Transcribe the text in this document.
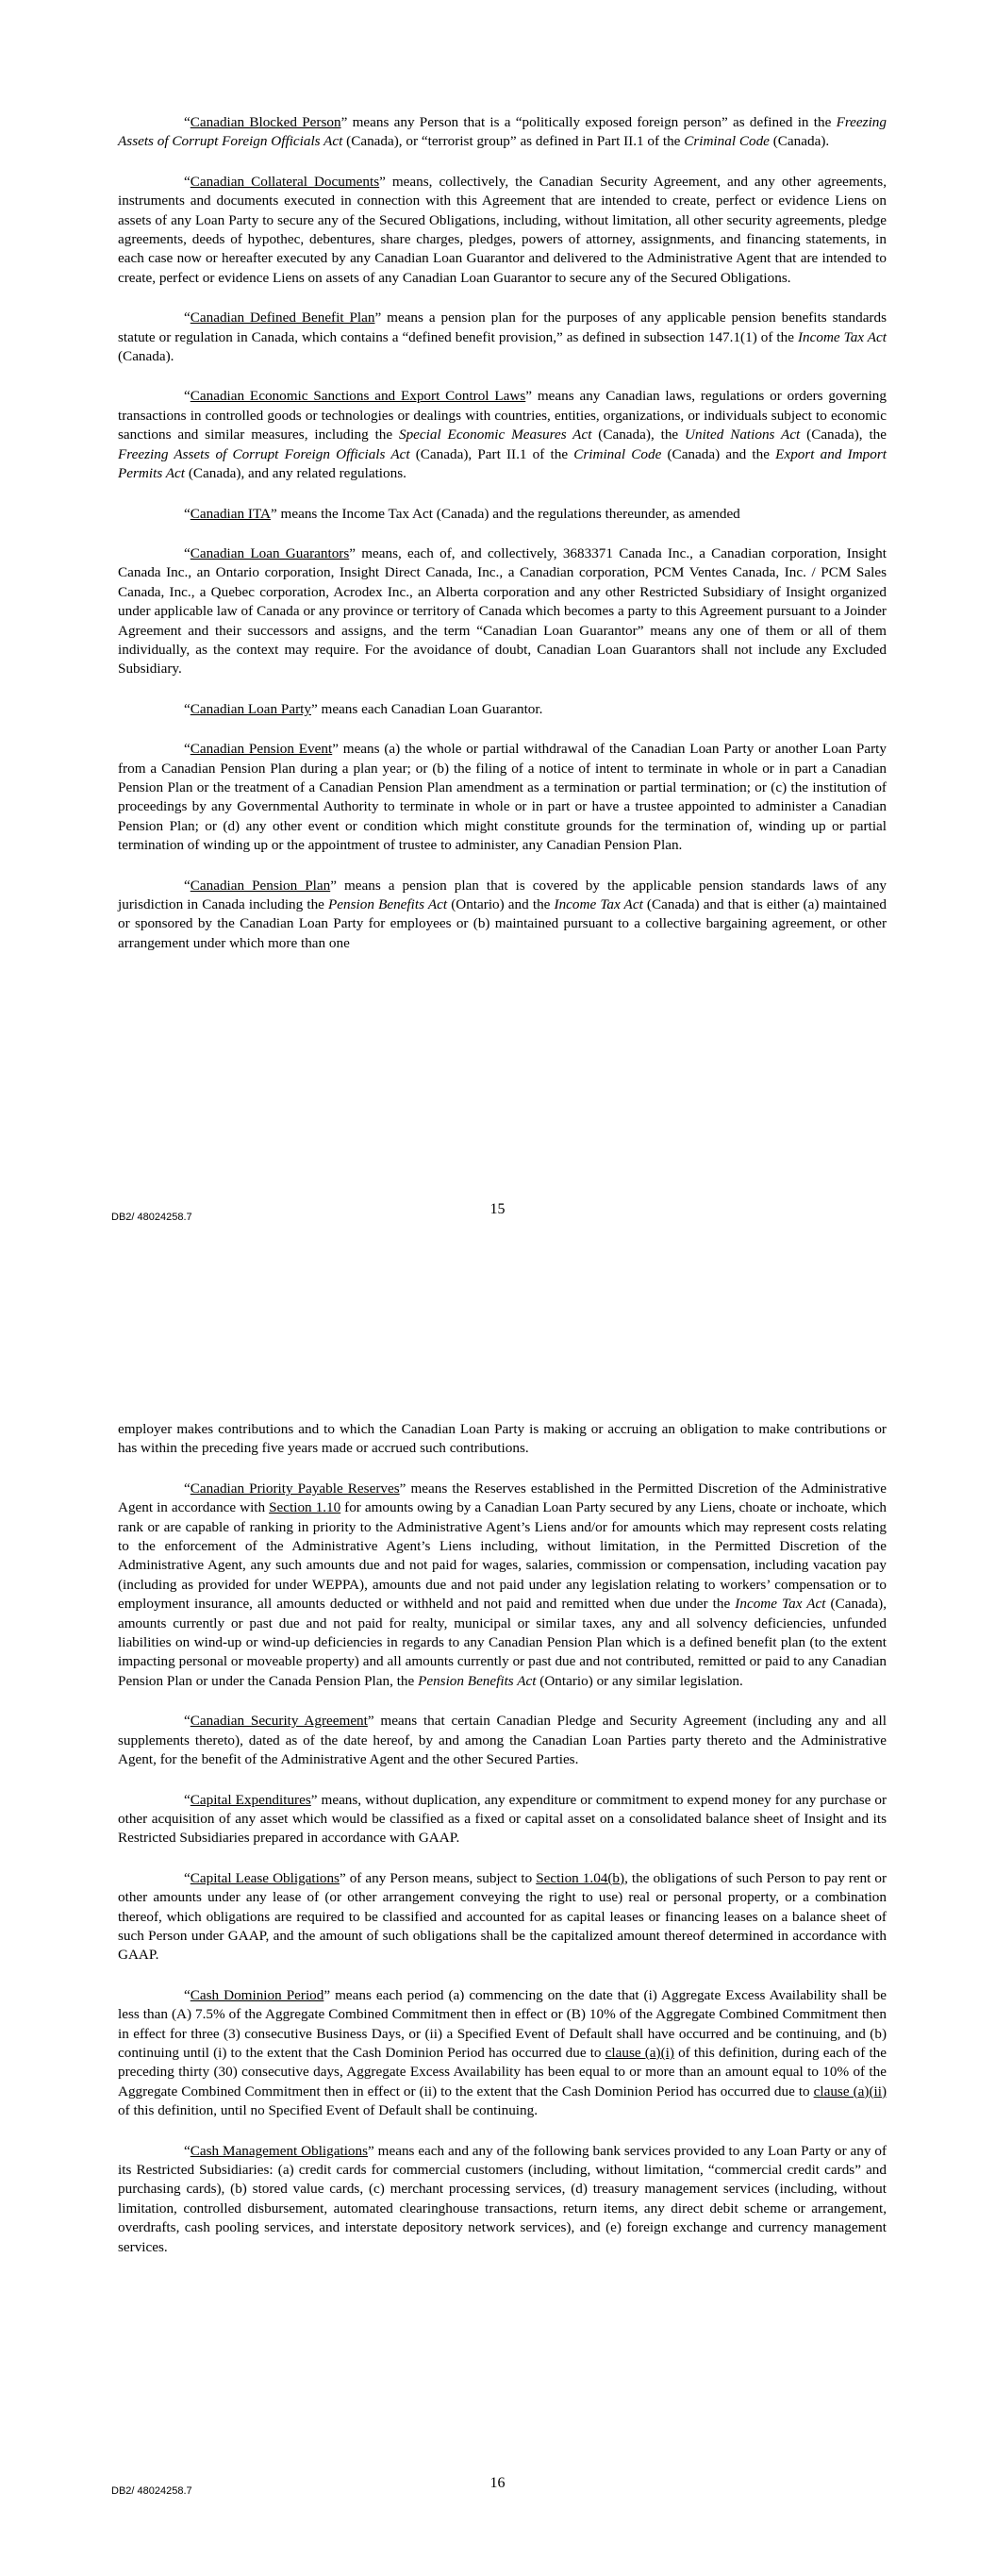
“Canadian Blocked Person” means any Person that is a “politically exposed foreign person” as defined in the Freezing Assets of Corrupt Foreign Officials Act (Canada), or “terrorist group” as defined in Part II.1 of the Criminal Code (Canada).

“Canadian Collateral Documents” means, collectively, the Canadian Security Agreement, and any other agreements, instruments and documents executed in connection with this Agreement that are intended to create, perfect or evidence Liens on assets of any Loan Party to secure any of the Secured Obligations, including, without limitation, all other security agreements, pledge agreements, deeds of hypothec, debentures, share charges, pledges, powers of attorney, assignments, and financing statements, in each case now or hereafter executed by any Canadian Loan Guarantor and delivered to the Administrative Agent that are intended to create, perfect or evidence Liens on assets of any Canadian Loan Guarantor to secure any of the Secured Obligations.

“Canadian Defined Benefit Plan” means a pension plan for the purposes of any applicable pension benefits standards statute or regulation in Canada, which contains a “defined benefit provision,” as defined in subsection 147.1(1) of the Income Tax Act (Canada).

“Canadian Economic Sanctions and Export Control Laws” means any Canadian laws, regulations or orders governing transactions in controlled goods or technologies or dealings with countries, entities, organizations, or individuals subject to economic sanctions and similar measures, including the Special Economic Measures Act (Canada), the United Nations Act (Canada), the Freezing Assets of Corrupt Foreign Officials Act (Canada), Part II.1 of the Criminal Code (Canada) and the Export and Import Permits Act (Canada), and any related regulations.

“Canadian ITA” means the Income Tax Act (Canada) and the regulations thereunder, as amended

“Canadian Loan Guarantors” means, each of, and collectively, 3683371 Canada Inc., a Canadian corporation, Insight Canada Inc., an Ontario corporation, Insight Direct Canada, Inc., a Canadian corporation, PCM Ventes Canada, Inc. / PCM Sales Canada, Inc., a Quebec corporation, Acrodex Inc., an Alberta corporation and any other Restricted Subsidiary of Insight organized under applicable law of Canada or any province or territory of Canada which becomes a party to this Agreement pursuant to a Joinder Agreement and their successors and assigns, and the term “Canadian Loan Guarantor” means any one of them or all of them individually, as the context may require. For the avoidance of doubt, Canadian Loan Guarantors shall not include any Excluded Subsidiary.

“Canadian Loan Party” means each Canadian Loan Guarantor.

“Canadian Pension Event” means (a) the whole or partial withdrawal of the Canadian Loan Party or another Loan Party from a Canadian Pension Plan during a plan year; or (b) the filing of a notice of intent to terminate in whole or in part a Canadian Pension Plan or the treatment of a Canadian Pension Plan amendment as a termination or partial termination; or (c) the institution of proceedings by any Governmental Authority to terminate in whole or in part or have a trustee appointed to administer a Canadian Pension Plan; or (d) any other event or condition which might constitute grounds for the termination of, winding up or partial termination of winding up or the appointment of trustee to administer, any Canadian Pension Plan.

“Canadian Pension Plan” means a pension plan that is covered by the applicable pension standards laws of any jurisdiction in Canada including the Pension Benefits Act (Ontario) and the Income Tax Act (Canada) and that is either (a) maintained or sponsored by the Canadian Loan Party for employees or (b) maintained pursuant to a collective bargaining agreement, or other arrangement under which more than one

DB2/ 48024258.7	15

employer makes contributions and to which the Canadian Loan Party is making or accruing an obligation to make contributions or has within the preceding five years made or accrued such contributions.

“Canadian Priority Payable Reserves” means the Reserves established in the Permitted Discretion of the Administrative Agent in accordance with Section 1.10 for amounts owing by a Canadian Loan Party secured by any Liens, choate or inchoate, which rank or are capable of ranking in priority to the Administrative Agent’s Liens and/or for amounts which may represent costs relating to the enforcement of the Administrative Agent’s Liens including, without limitation, in the Permitted Discretion of the Administrative Agent, any such amounts due and not paid for wages, salaries, commission or compensation, including vacation pay (including as provided for under WEPPA), amounts due and not paid under any legislation relating to workers’ compensation or to employment insurance, all amounts deducted or withheld and not paid and remitted when due under the Income Tax Act (Canada), amounts currently or past due and not paid for realty, municipal or similar taxes, any and all solvency deficiencies, unfunded liabilities on wind-up or wind-up deficiencies in regards to any Canadian Pension Plan which is a defined benefit plan (to the extent impacting personal or moveable property) and all amounts currently or past due and not contributed, remitted or paid to any Canadian Pension Plan or under the Canada Pension Plan, the Pension Benefits Act (Ontario) or any similar legislation.

“Canadian Security Agreement” means that certain Canadian Pledge and Security Agreement (including any and all supplements thereto), dated as of the date hereof, by and among the Canadian Loan Parties party thereto and the Administrative Agent, for the benefit of the Administrative Agent and the other Secured Parties.

“Capital Expenditures” means, without duplication, any expenditure or commitment to expend money for any purchase or other acquisition of any asset which would be classified as a fixed or capital asset on a consolidated balance sheet of Insight and its Restricted Subsidiaries prepared in accordance with GAAP.

“Capital Lease Obligations” of any Person means, subject to Section 1.04(b), the obligations of such Person to pay rent or other amounts under any lease of (or other arrangement conveying the right to use) real or personal property, or a combination thereof, which obligations are required to be classified and accounted for as capital leases or financing leases on a balance sheet of such Person under GAAP, and the amount of such obligations shall be the capitalized amount thereof determined in accordance with GAAP.

“Cash Dominion Period” means each period (a) commencing on the date that (i) Aggregate Excess Availability shall be less than (A) 7.5% of the Aggregate Combined Commitment then in effect or (B) 10% of the Aggregate Combined Commitment then in effect for three (3) consecutive Business Days, or (ii) a Specified Event of Default shall have occurred and be continuing, and (b) continuing until (i) to the extent that the Cash Dominion Period has occurred due to clause (a)(i) of this definition, during each of the preceding thirty (30) consecutive days, Aggregate Excess Availability has been equal to or more than an amount equal to 10% of the Aggregate Combined Commitment then in effect or (ii) to the extent that the Cash Dominion Period has occurred due to clause (a)(ii) of this definition, until no Specified Event of Default shall be continuing.

“Cash Management Obligations” means each and any of the following bank services provided to any Loan Party or any of its Restricted Subsidiaries: (a) credit cards for commercial customers (including, without limitation, “commercial credit cards” and purchasing cards), (b) stored value cards, (c) merchant processing services, (d) treasury management services (including, without limitation, controlled disbursement, automated clearinghouse transactions, return items, any direct debit scheme or arrangement, overdrafts, cash pooling services, and interstate depository network services), and (e) foreign exchange and currency management services.

DB2/ 48024258.7	16
